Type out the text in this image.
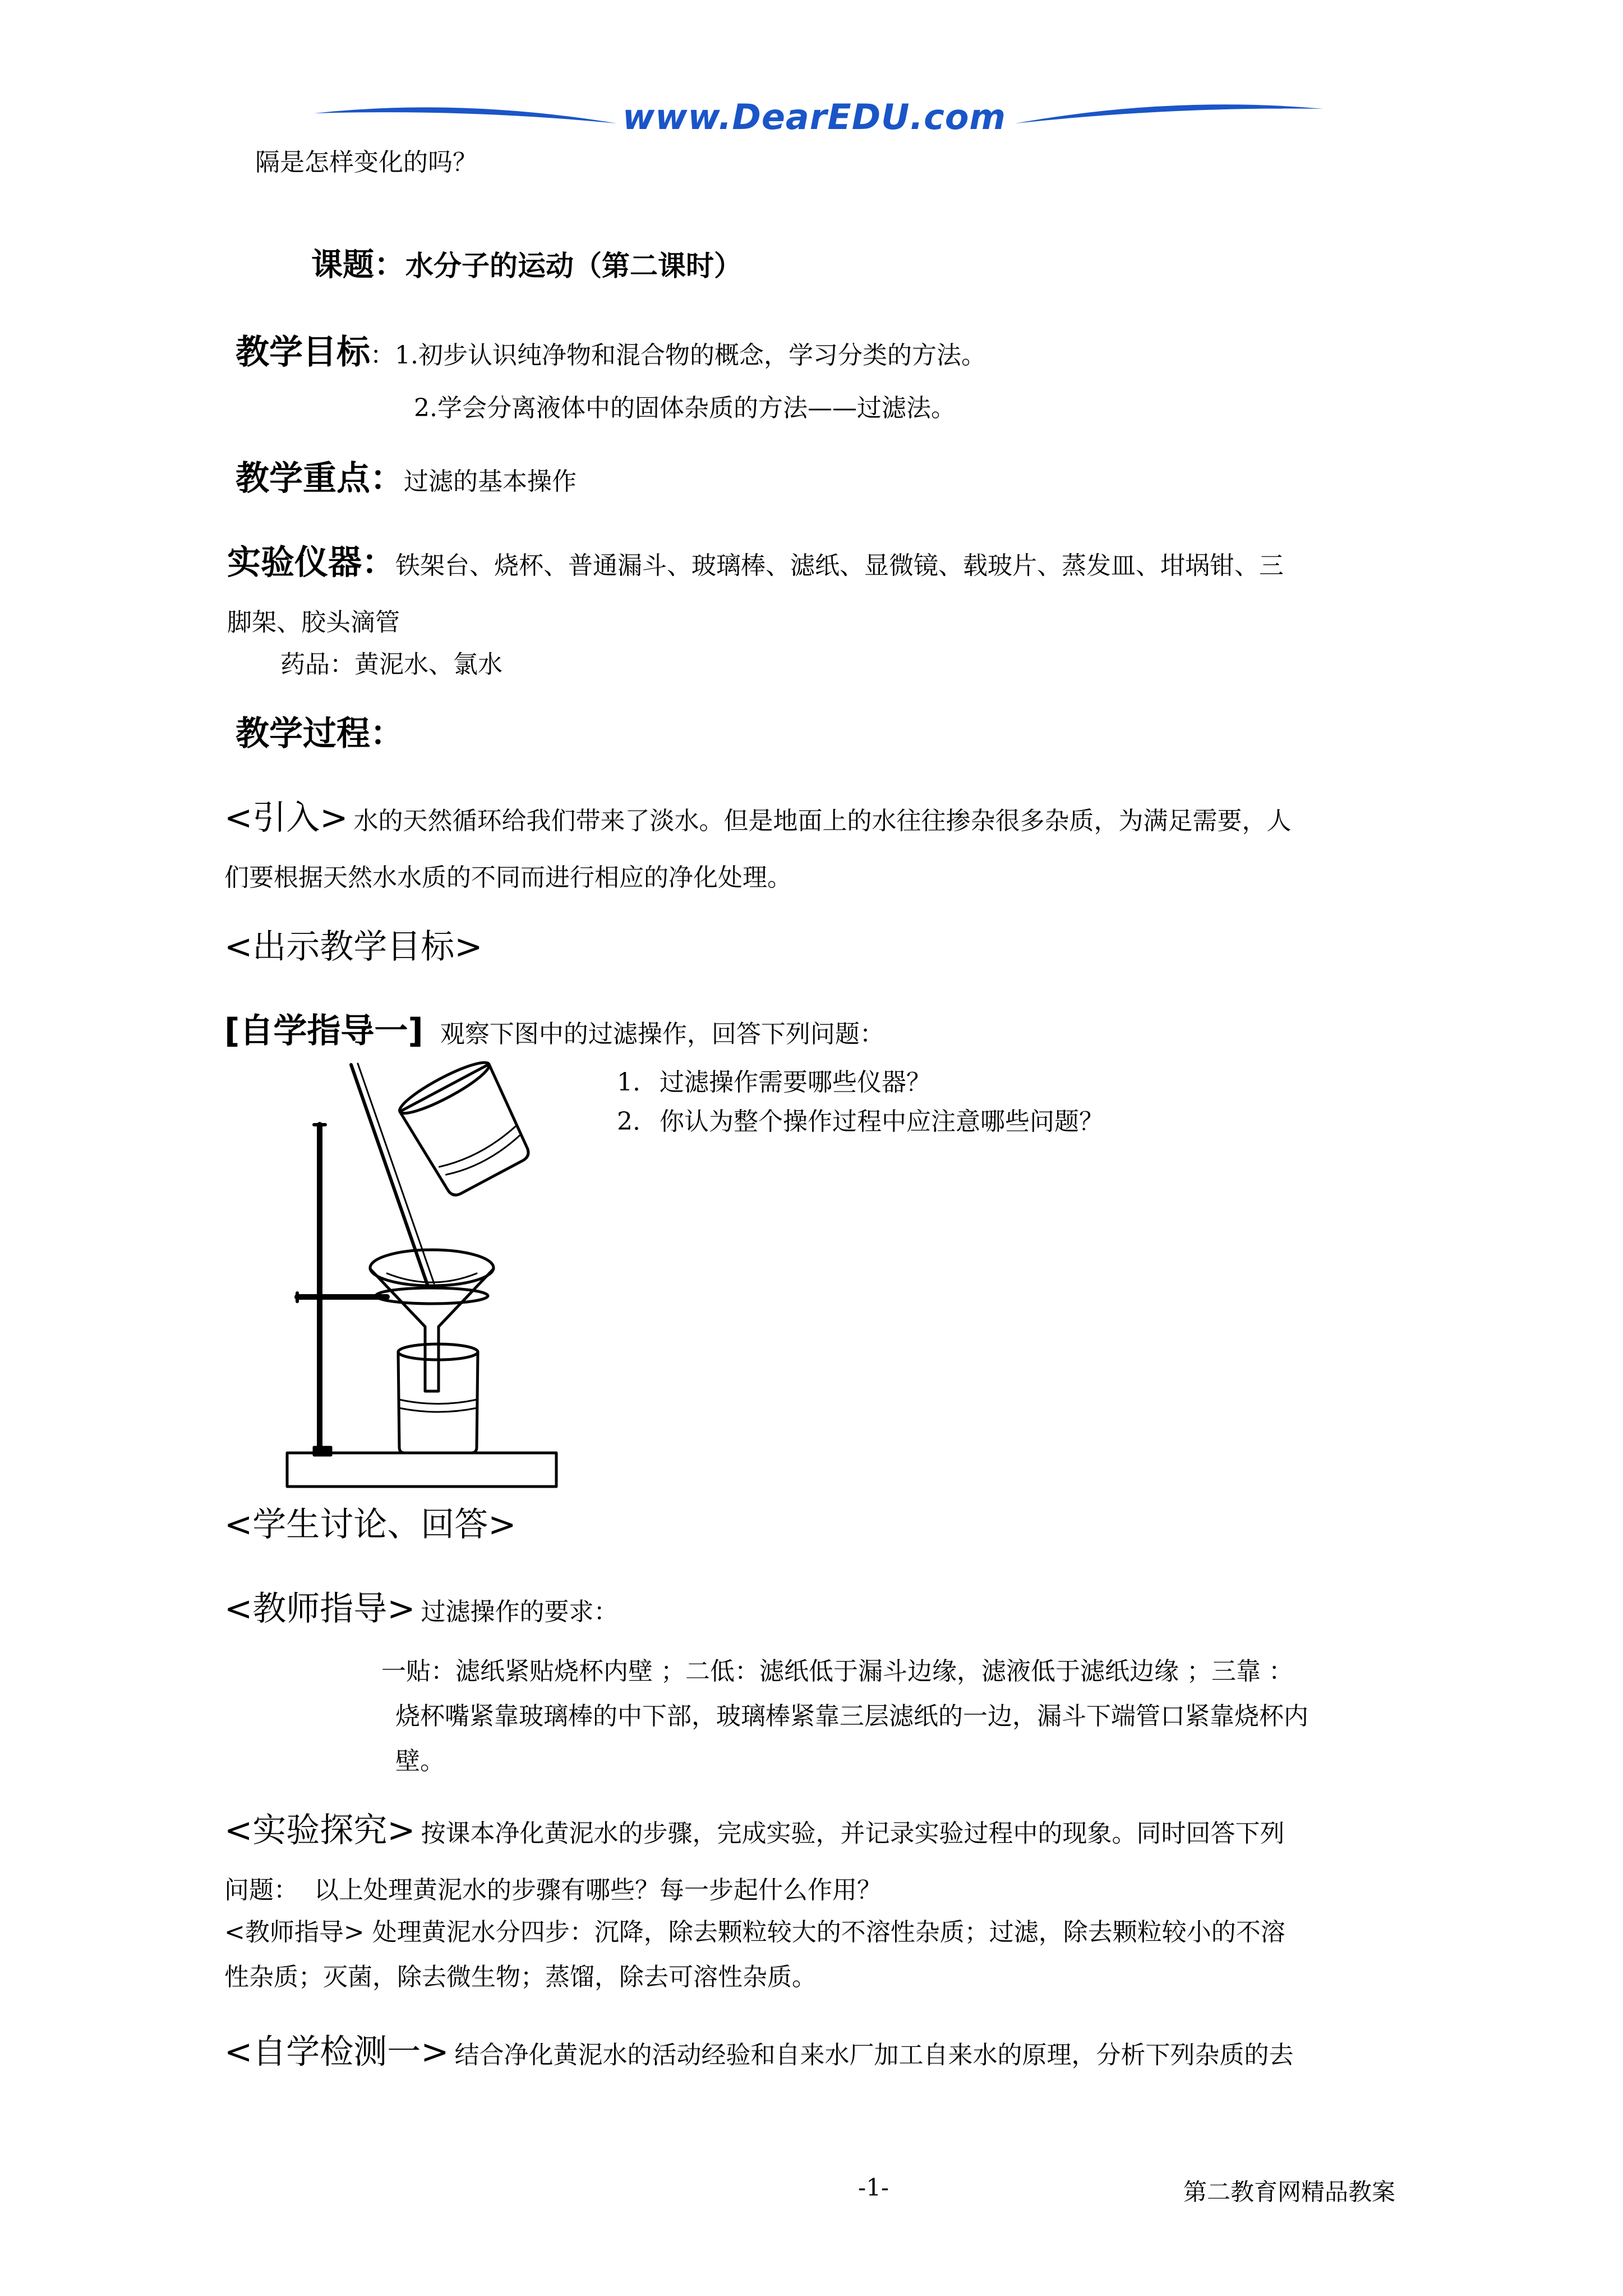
www.DearEDU.com
隔是怎样变化的吗？
课题：水分子的运动（第二课时）
教学目标：1.初步认识纯净物和混合物的概念，学习分类的方法。
2.学会分离液体中的固体杂质的方法——过滤法。
教学重点：过滤的基本操作
实验仪器：铁架台、烧杯、普通漏斗、玻璃棒、滤纸、显微镜、载玻片、蒸发皿、坩埚钳、三
脚架、胶头滴管
药品：黄泥水、氯水
教学过程：
<引入> 水的天然循环给我们带来了淡水。但是地面上的水往往掺杂很多杂质，为满足需要，人
们要根据天然水水质的不同而进行相应的净化处理。
<出示教学目标>
[自学指导一] 观察下图中的过滤操作，回答下列问题：
1. 过滤操作需要哪些仪器？
2. 你认为整个操作过程中应注意哪些问题？
<学生讨论、回答>
<教师指导> 过滤操作的要求：
一贴：滤纸紧贴烧杯内壁 ；二低：滤纸低于漏斗边缘，滤液低于滤纸边缘 ；三靠 ：
烧杯嘴紧靠玻璃棒的中下部，玻璃棒紧靠三层滤纸的一边，漏斗下端管口紧靠烧杯内
壁。
<实验探究> 按课本净化黄泥水的步骤，完成实验，并记录实验过程中的现象。同时回答下列
问题：  以上处理黄泥水的步骤有哪些？每一步起什么作用？
<教师指导> 处理黄泥水分四步：沉降，除去颗粒较大的不溶性杂质；过滤，除去颗粒较小的不溶
性杂质；灭菌，除去微生物；蒸馏，除去可溶性杂质。
<自学检测一> 结合净化黄泥水的活动经验和自来水厂加工自来水的原理，分析下列杂质的去
-1-	第二教育网精品教案
